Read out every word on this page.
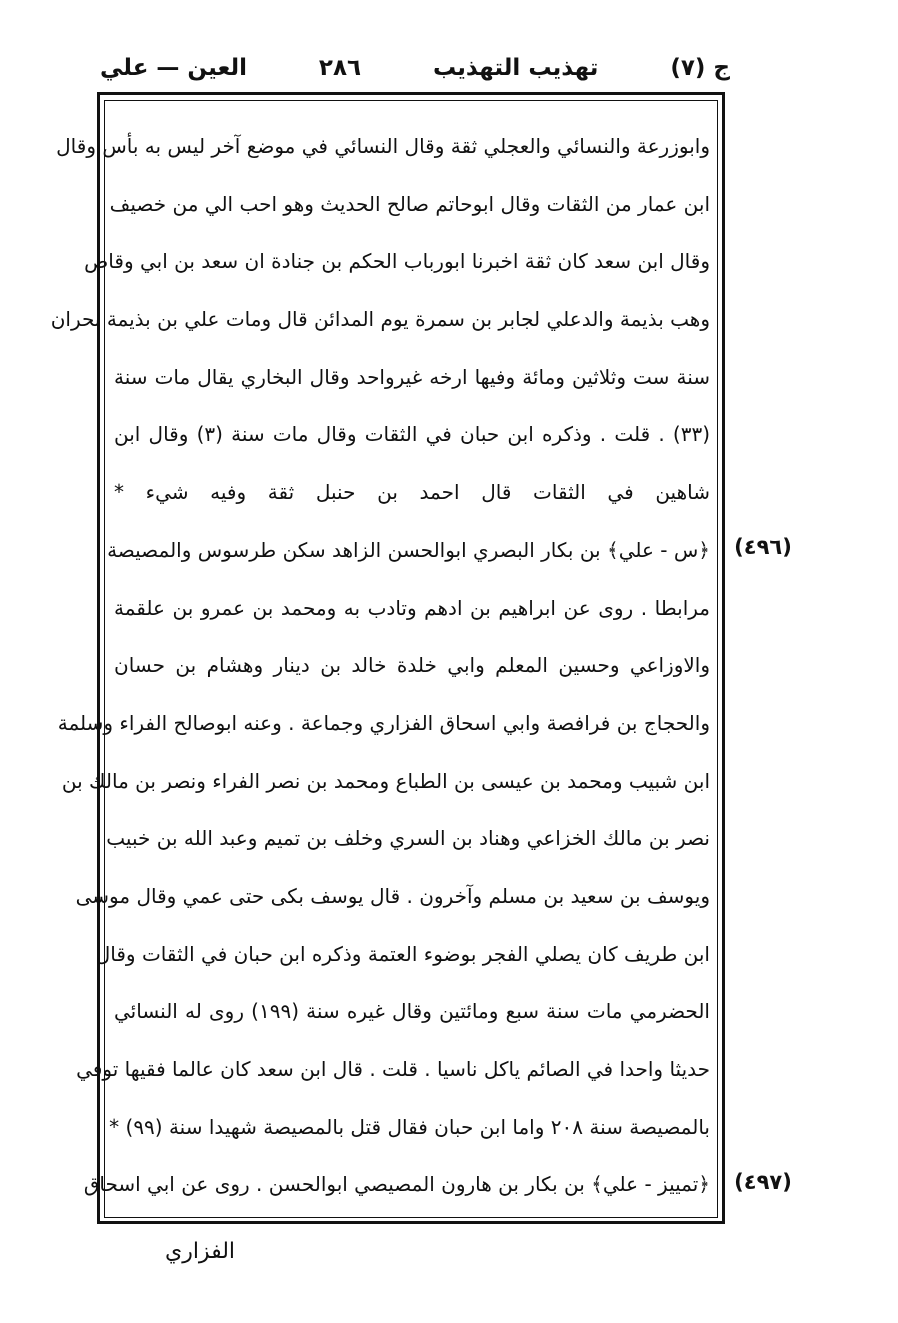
ج (٧)
تهذيب التهذيب
٢٨٦
العين — علي
وابوزرعة والنسائي والعجلي ثقة وقال النسائي في موضع آخر ليس به بأس وقال
ابن عمار من الثقات وقال ابوحاتم صالح الحديث وهو احب الي من خصيف
وقال ابن سعد كان ثقة اخبرنا ابورباب الحكم بن جنادة ان سعد بن ابي وقاص
وهب بذيمة والدعلي لجابر بن سمرة يوم المدائن قال ومات علي بن بذيمة بحران
سنة ست وثلاثين ومائة وفيها ارخه غيرواحد وقال البخاري يقال مات سنة
(٣٣) . قلت . وذكره ابن حبان في الثقات وقال مات سنة (٣) وقال ابن
شاهين في الثقات قال احمد بن حنبل ثقة وفيه شيء *
﴿س - علي﴾ بن بكار البصري ابوالحسن الزاهد سكن طرسوس والمصيصة
مرابطا . روى عن ابراهيم بن ادهم وتادب به ومحمد بن عمرو بن علقمة
والاوزاعي وحسين المعلم وابي خلدة خالد بن دينار وهشام بن حسان
والحجاج بن فرافصة وابي اسحاق الفزاري وجماعة . وعنه ابوصالح الفراء وسلمة
ابن شبيب ومحمد بن عيسى بن الطباع ومحمد بن نصر الفراء ونصر بن مالك بن
نصر بن مالك الخزاعي وهناد بن السري وخلف بن تميم وعبد الله بن خبيب
ويوسف بن سعيد بن مسلم وآخرون . قال يوسف بكى حتى عمي وقال موسى
ابن طريف كان يصلي الفجر بوضوء العتمة وذكره ابن حبان في الثقات وقال
الحضرمي مات سنة سبع ومائتين وقال غيره سنة (١٩٩) روى له النسائي
حديثا واحدا في الصائم ياكل ناسيا . قلت . قال ابن سعد كان عالما فقيها توفي
بالمصيصة سنة ٢٠٨ واما ابن حبان فقال قتل بالمصيصة شهيدا سنة (٩٩) *
﴿تمييز - علي﴾ بن بكار بن هارون المصيصي ابوالحسن . روى عن ابي اسحاق
(٤٩٦)
(٤٩٧)
الفزاري
